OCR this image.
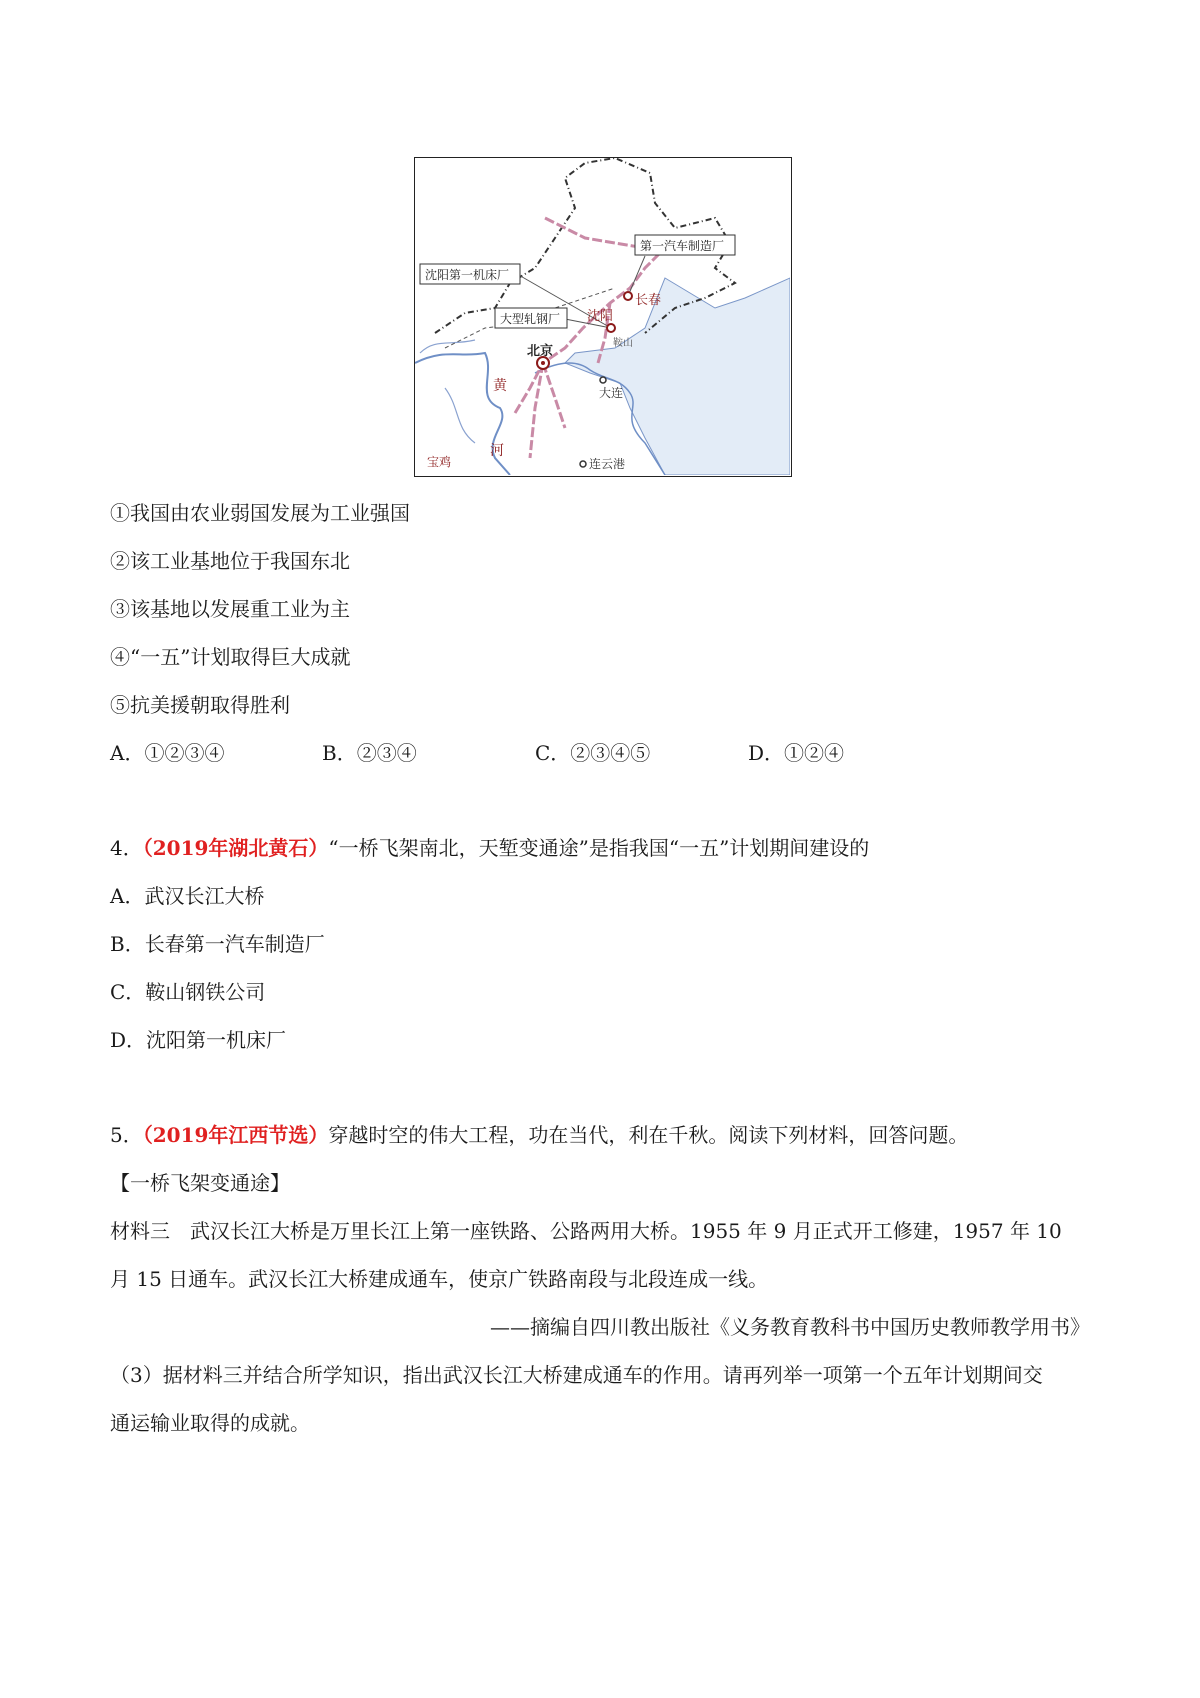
沈阳第一机床厂
第一汽车制造厂
大型轧钢厂 沈阳
长春
鞍山
北京
大连
宝鸡	连云港
黄
河
①我国由农业弱国发展为工业强国
②该工业基地位于我国东北
③该基地以发展重工业为主
④“一五”计划取得巨大成就
⑤抗美援朝取得胜利
A．①②③④	B．②③④	C．②③④⑤	D．①②④
4．（2019年湖北黄石）“一桥飞架南北，天堑变通途”是指我国“一五”计划期间建设的
A．武汉长江大桥
B．长春第一汽车制造厂
C．鞍山钢铁公司
D．沈阳第一机床厂
5．（2019年江西节选）穿越时空的伟大工程，功在当代，利在千秋。阅读下列材料，回答问题。
【一桥飞架变通途】
材料三　武汉长江大桥是万里长江上第一座铁路、公路两用大桥。1955 年 9 月正式开工修建，1957 年 10
月 15 日通车。武汉长江大桥建成通车，使京广铁路南段与北段连成一线。
——摘编自四川教出版社《义务教育教科书中国历史教师教学用书》
（3）据材料三并结合所学知识，指出武汉长江大桥建成通车的作用。请再列举一项第一个五年计划期间交
通运输业取得的成就。
